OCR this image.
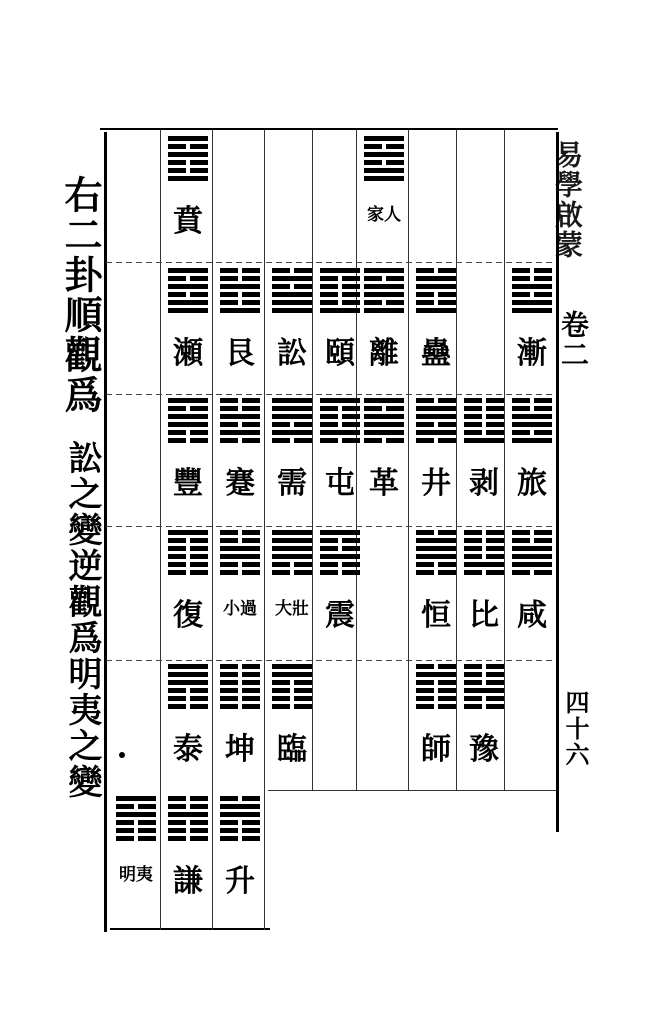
右二卦順觀爲
訟之變逆觀爲明夷之變
易學啟蒙
卷二
四十六
漸
旅
咸
剥
比
豫
蠱
井
恒
師
家人
離
革
頤
屯
震
訟
需
大壯
臨
艮
蹇
小過
坤
升
賁
瀬
豐
復
泰
謙
明夷
